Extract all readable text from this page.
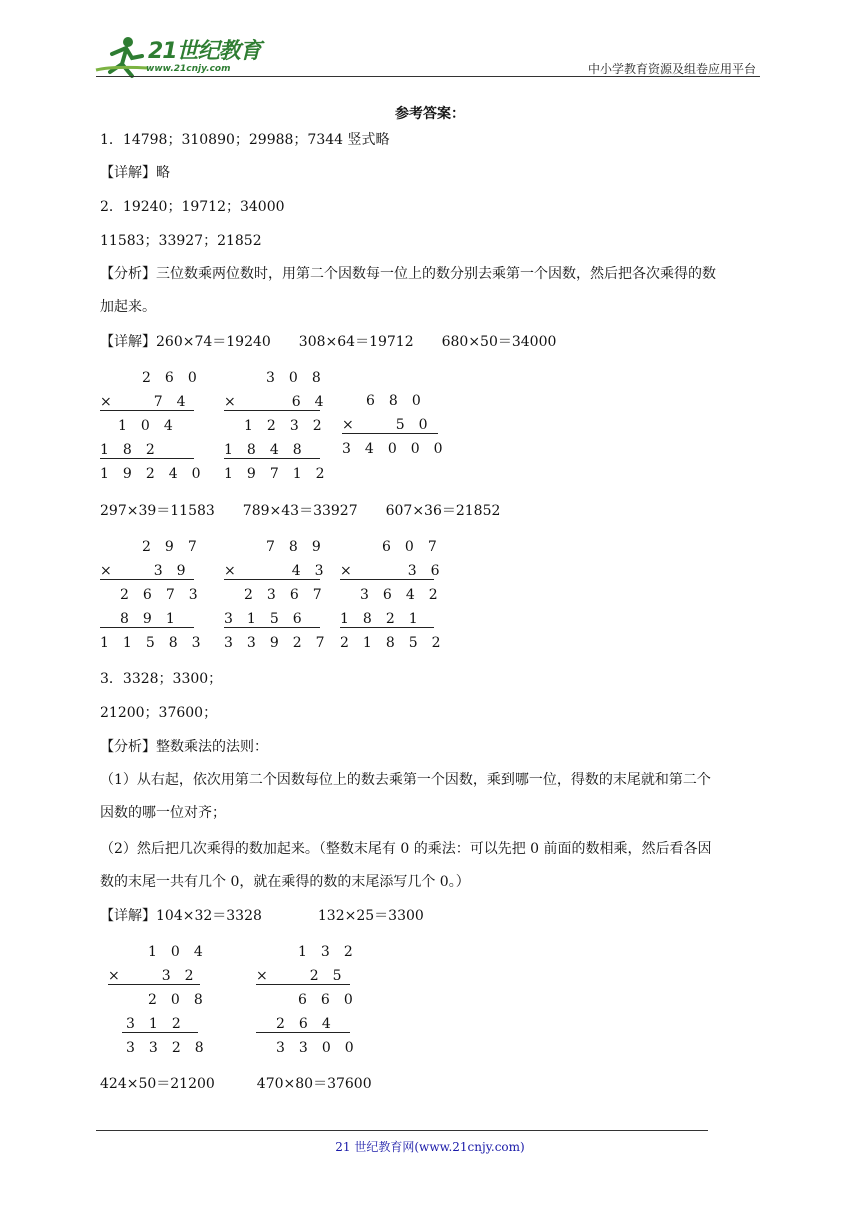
21世纪教育
www.21cnjy.com	中小学教育资源及组卷应用平台
参考答案：
1．14798；310890；29988；7344 竖式略
【详解】略
2．19240；19712；34000
11583；33927；21852
【分析】三位数乘两位数时，用第二个因数每一位上的数分别去乘第一个因数，然后把各次乘得的数
加起来。
【详解】260×74＝19240　　308×64＝19712　　680×50＝34000
2　6　0
×　　　7　4
1　0　4
1　8　2
1　9　2　4　0
3　0　8
×　　　　6　4
1　2　3　2
1　8　4　8
1　9　7　1　2
6　8　0
×　　　5　0
3　4　0　0　0
297×39＝11583　　789×43＝33927　　607×36＝21852
2　9　7
×　　　3　9
2　6　7　3
8　9　1
1　1　5　8　3
7　8　9
×　　　　4　3
2　3　6　7
3　1　5　6
3　3　9　2　7
6　0　7
×　　　　3　6
3　6　4　2
1　8　2　1
2　1　8　5　2
3．3328；3300；
21200；37600；
【分析】整数乘法的法则：
（1）从右起，依次用第二个因数每位上的数去乘第一个因数，乘到哪一位，得数的末尾就和第二个
因数的哪一位对齐；
（2）然后把几次乘得的数加起来。（整数末尾有 0 的乘法：可以先把 0 前面的数相乘，然后看各因
数的末尾一共有几个 0，就在乘得的数的末尾添写几个 0。）
【详解】104×32＝3328　　　　132×25＝3300
1　0　4
×　　　3　2
2　0　8
3　1　2
3　3　2　8
1　3　2
×　　　2　5
6　6　0
2　6　4
3　3　0　0
424×50＝21200　　　470×80＝37600
21 世纪教育网(www.21cnjy.com)
